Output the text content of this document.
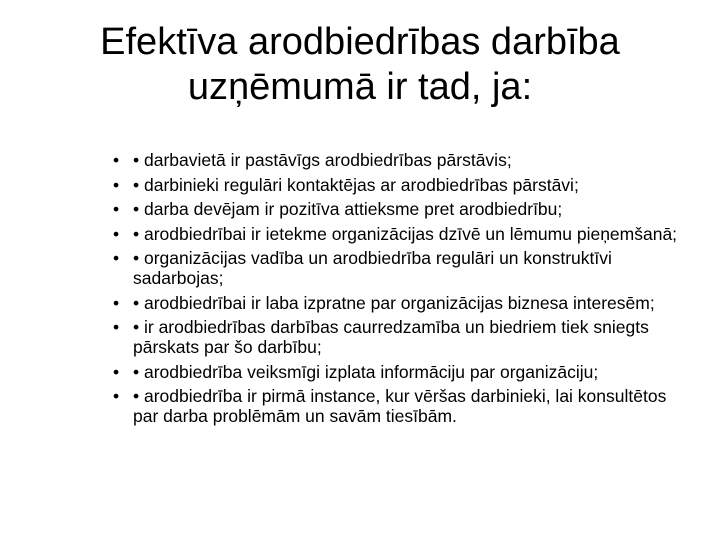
Efektīva arodbiedrības darbība
uzņēmumā ir tad, ja:
• • darbavietā ir pastāvīgs arodbiedrības pārstāvis;
• • darbinieki regulāri kontaktējas ar arodbiedrības pārstāvi;
• • darba devējam ir pozitīva attieksme pret arodbiedrību;
• • arodbiedrībai ir ietekme organizācijas dzīvē un lēmumu pieņemšanā;
• • organizācijas vadība un arodbiedrība regulāri un konstruktīvi sadarbojas;
• • arodbiedrībai ir laba izpratne par organizācijas biznesa interesēm;
• • ir arodbiedrības darbības caurredzamība un biedriem tiek sniegts pārskats par šo darbību;
• • arodbiedrība veiksmīgi izplata informāciju par organizāciju;
• • arodbiedrība ir pirmā instance, kur vēršas darbinieki, lai konsultētos par darba problēmām un savām tiesībām.
